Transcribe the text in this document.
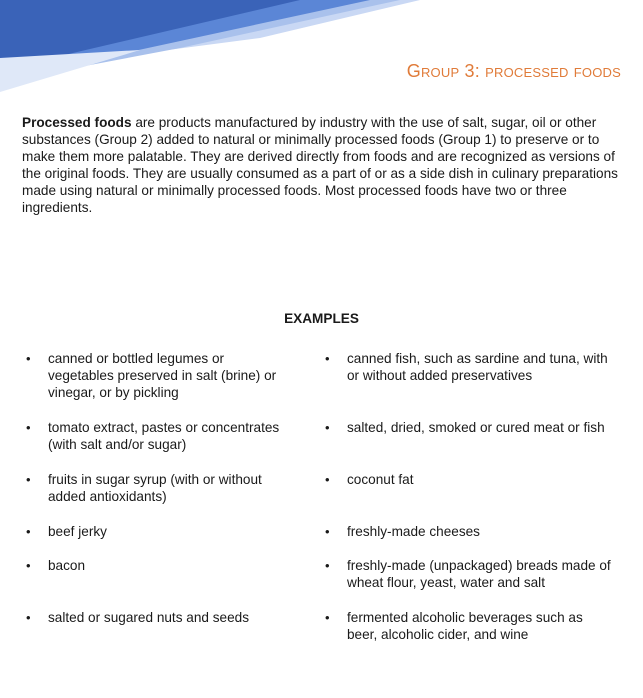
Group 3: processed foods

Processed foods are products manufactured by industry with the use of salt, sugar, oil or other substances (Group 2) added to natural or minimally processed foods (Group 1) to preserve or to make them more palatable. They are derived directly from foods and are recognized as versions of the original foods. They are usually consumed as a part of or as a side dish in culinary preparations made using natural or minimally processed foods. Most processed foods have two or three ingredients.

EXAMPLES
•	canned or bottled legumes or vegetables preserved in salt (brine) or vinegar, or by pickling
•	tomato extract, pastes or concentrates (with salt and/or sugar)
•	fruits in sugar syrup (with or without added antioxidants)
•	beef jerky
•	bacon
•	salted or sugared nuts and seeds
•	canned fish, such as sardine and tuna, with or without added preservatives
•	salted, dried, smoked or cured meat or fish
•	coconut fat
•	freshly-made cheeses
•	freshly-made (unpackaged) breads made of wheat flour, yeast, water and salt
•	fermented alcoholic beverages such as beer, alcoholic cider, and wine
